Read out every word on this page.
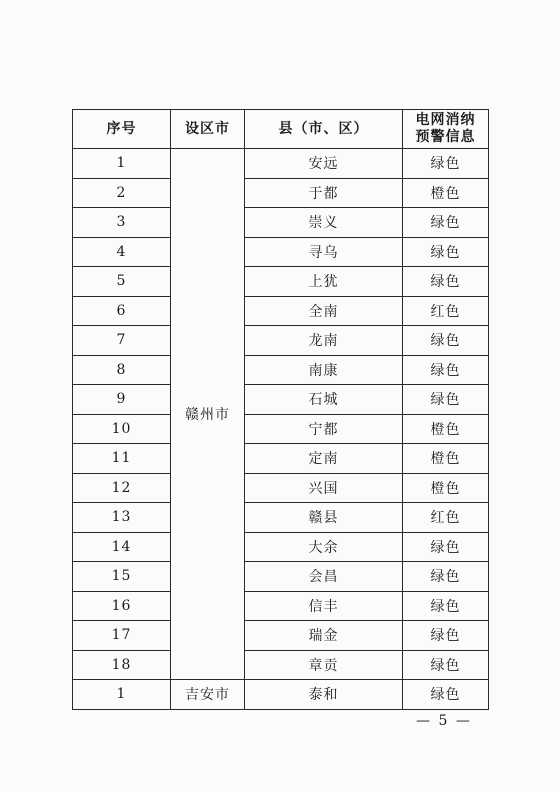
序号	设区市	县（市、区）	电网消纳
预警信息

1	赣州市	安远	绿色
2		于都	橙色
3		崇义	绿色
4		寻乌	绿色
5		上犹	绿色
6		全南	红色
7		龙南	绿色
8		南康	绿色
9		石城	绿色
10		宁都	橙色
11		定南	橙色
12		兴国	橙色
13		赣县	红色
14		大余	绿色
15		会昌	绿色
16		信丰	绿色
17		瑞金	绿色
18		章贡	绿色
1	吉安市	泰和	绿色
— 5 —
